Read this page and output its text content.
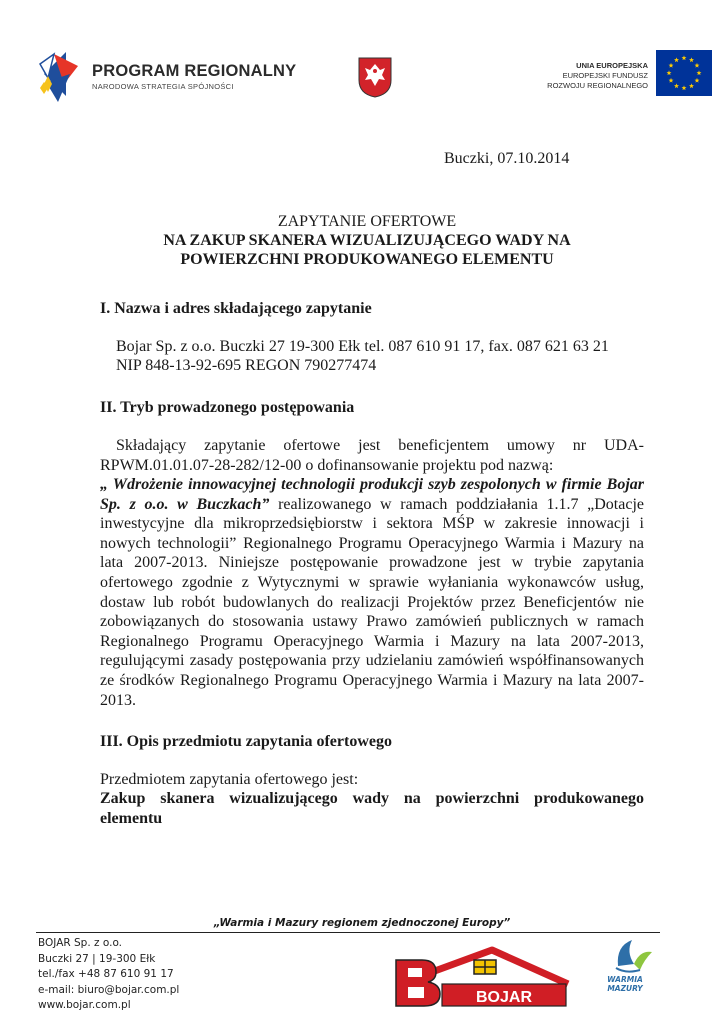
PROGRAM REGIONALNY
NARODOWA STRATEGIA SPÓJNOŚCI
UNIA EUROPEJSKA
EUROPEJSKI FUNDUSZ
ROZWOJU REGIONALNEGO
Buczki, 07.10.2014
ZAPYTANIE OFERTOWE
NA ZAKUP SKANERA WIZUALIZUJĄCEGO WADY NA
POWIERZCHNI PRODUKOWANEGO ELEMENTU
I. Nazwa i adres składającego zapytanie
Bojar Sp. z o.o. Buczki 27 19-300 Ełk tel. 087 610 91 17, fax. 087 621 63 21
NIP 848-13-92-695 REGON 790277474
II. Tryb prowadzonego postępowania
Składający zapytanie ofertowe jest beneficjentem umowy nr UDA-RPWM.01.01.07-28-282/12-00 o dofinansowanie projektu pod nazwą:
„ Wdrożenie innowacyjnej technologii produkcji szyb zespolonych w firmie Bojar Sp. z o.o. w Buczkach” realizowanego w ramach poddziałania 1.1.7 „Dotacje inwestycyjne dla mikroprzedsiębiorstw i sektora MŚP w zakresie innowacji i nowych technologii” Regionalnego Programu Operacyjnego Warmia i Mazury na lata 2007-2013. Niniejsze postępowanie prowadzone jest w trybie zapytania ofertowego zgodnie z Wytycznymi w sprawie wyłaniania wykonawców usług, dostaw lub robót budowlanych do realizacji Projektów przez Beneficjentów nie zobowiązanych do stosowania ustawy Prawo zamówień publicznych w ramach Regionalnego Programu Operacyjnego Warmia i Mazury na lata 2007-2013, regulującymi zasady postępowania przy udzielaniu zamówień współfinansowanych ze środków Regionalnego Programu Operacyjnego Warmia i Mazury na lata 2007-2013.
III. Opis przedmiotu zapytania ofertowego
Przedmiotem zapytania ofertowego jest:
Zakup skanera wizualizującego wady na powierzchni produkowanego elementu
„Warmia i Mazury regionem zjednoczonej Europy”
BOJAR Sp. z o.o.
Buczki 27 | 19-300 Ełk
tel./fax +48 87 610 91 17
e-mail: biuro@bojar.com.pl
www.bojar.com.pl	BOJAR
WARMIA
MAZURY
